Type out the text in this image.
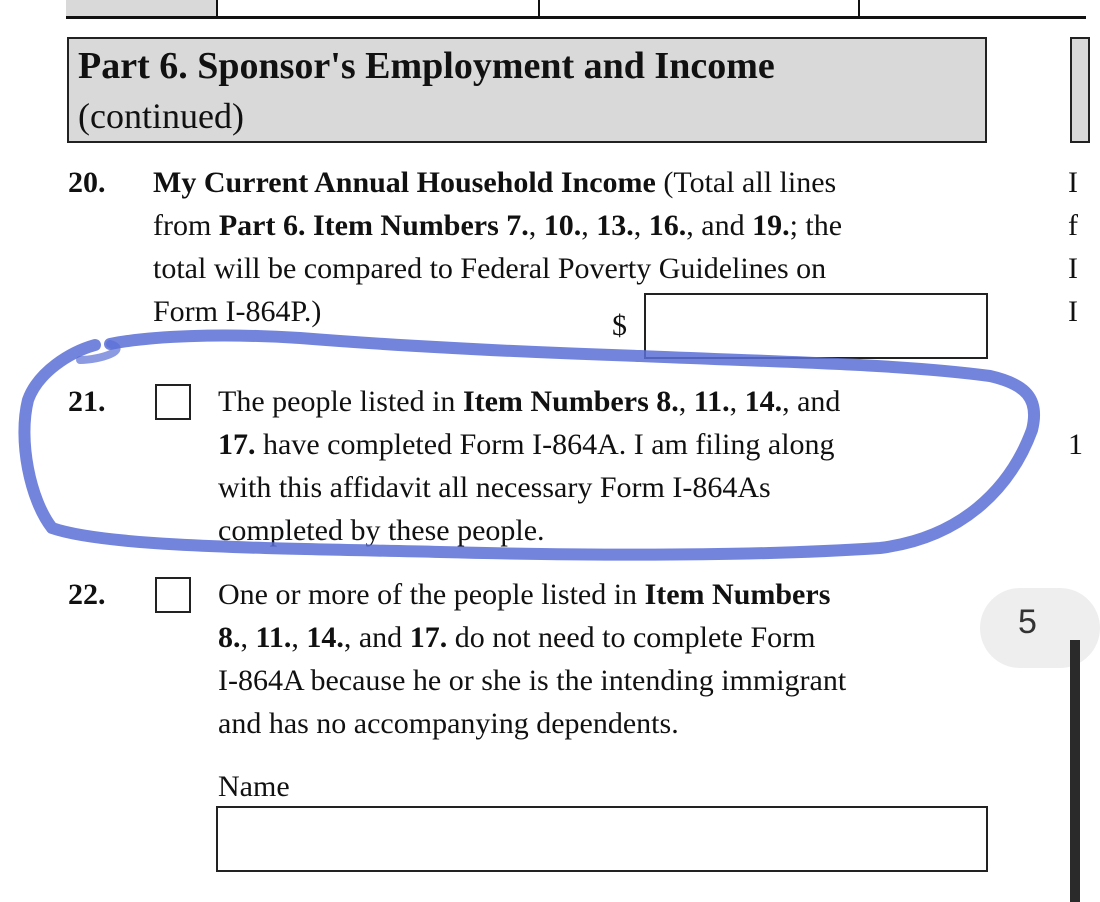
Part 6. Sponsor's Employment and Income
(continued)
20. My Current Annual Household Income (Total all lines
from Part 6. Item Numbers 7., 10., 13., 16., and 19.; the
total will be compared to Federal Poverty Guidelines on
Form I-864P.)	$
21.	The people listed in Item Numbers 8., 11., 14., and
17. have completed Form I-864A. I am filing along
with this affidavit all necessary Form I-864As
completed by these people.
22.	One or more of the people listed in Item Numbers
8., 11., 14., and 17. do not need to complete Form
I-864A because he or she is the intending immigrant
and has no accompanying dependents.
Name
I
f
I
I
1
5
